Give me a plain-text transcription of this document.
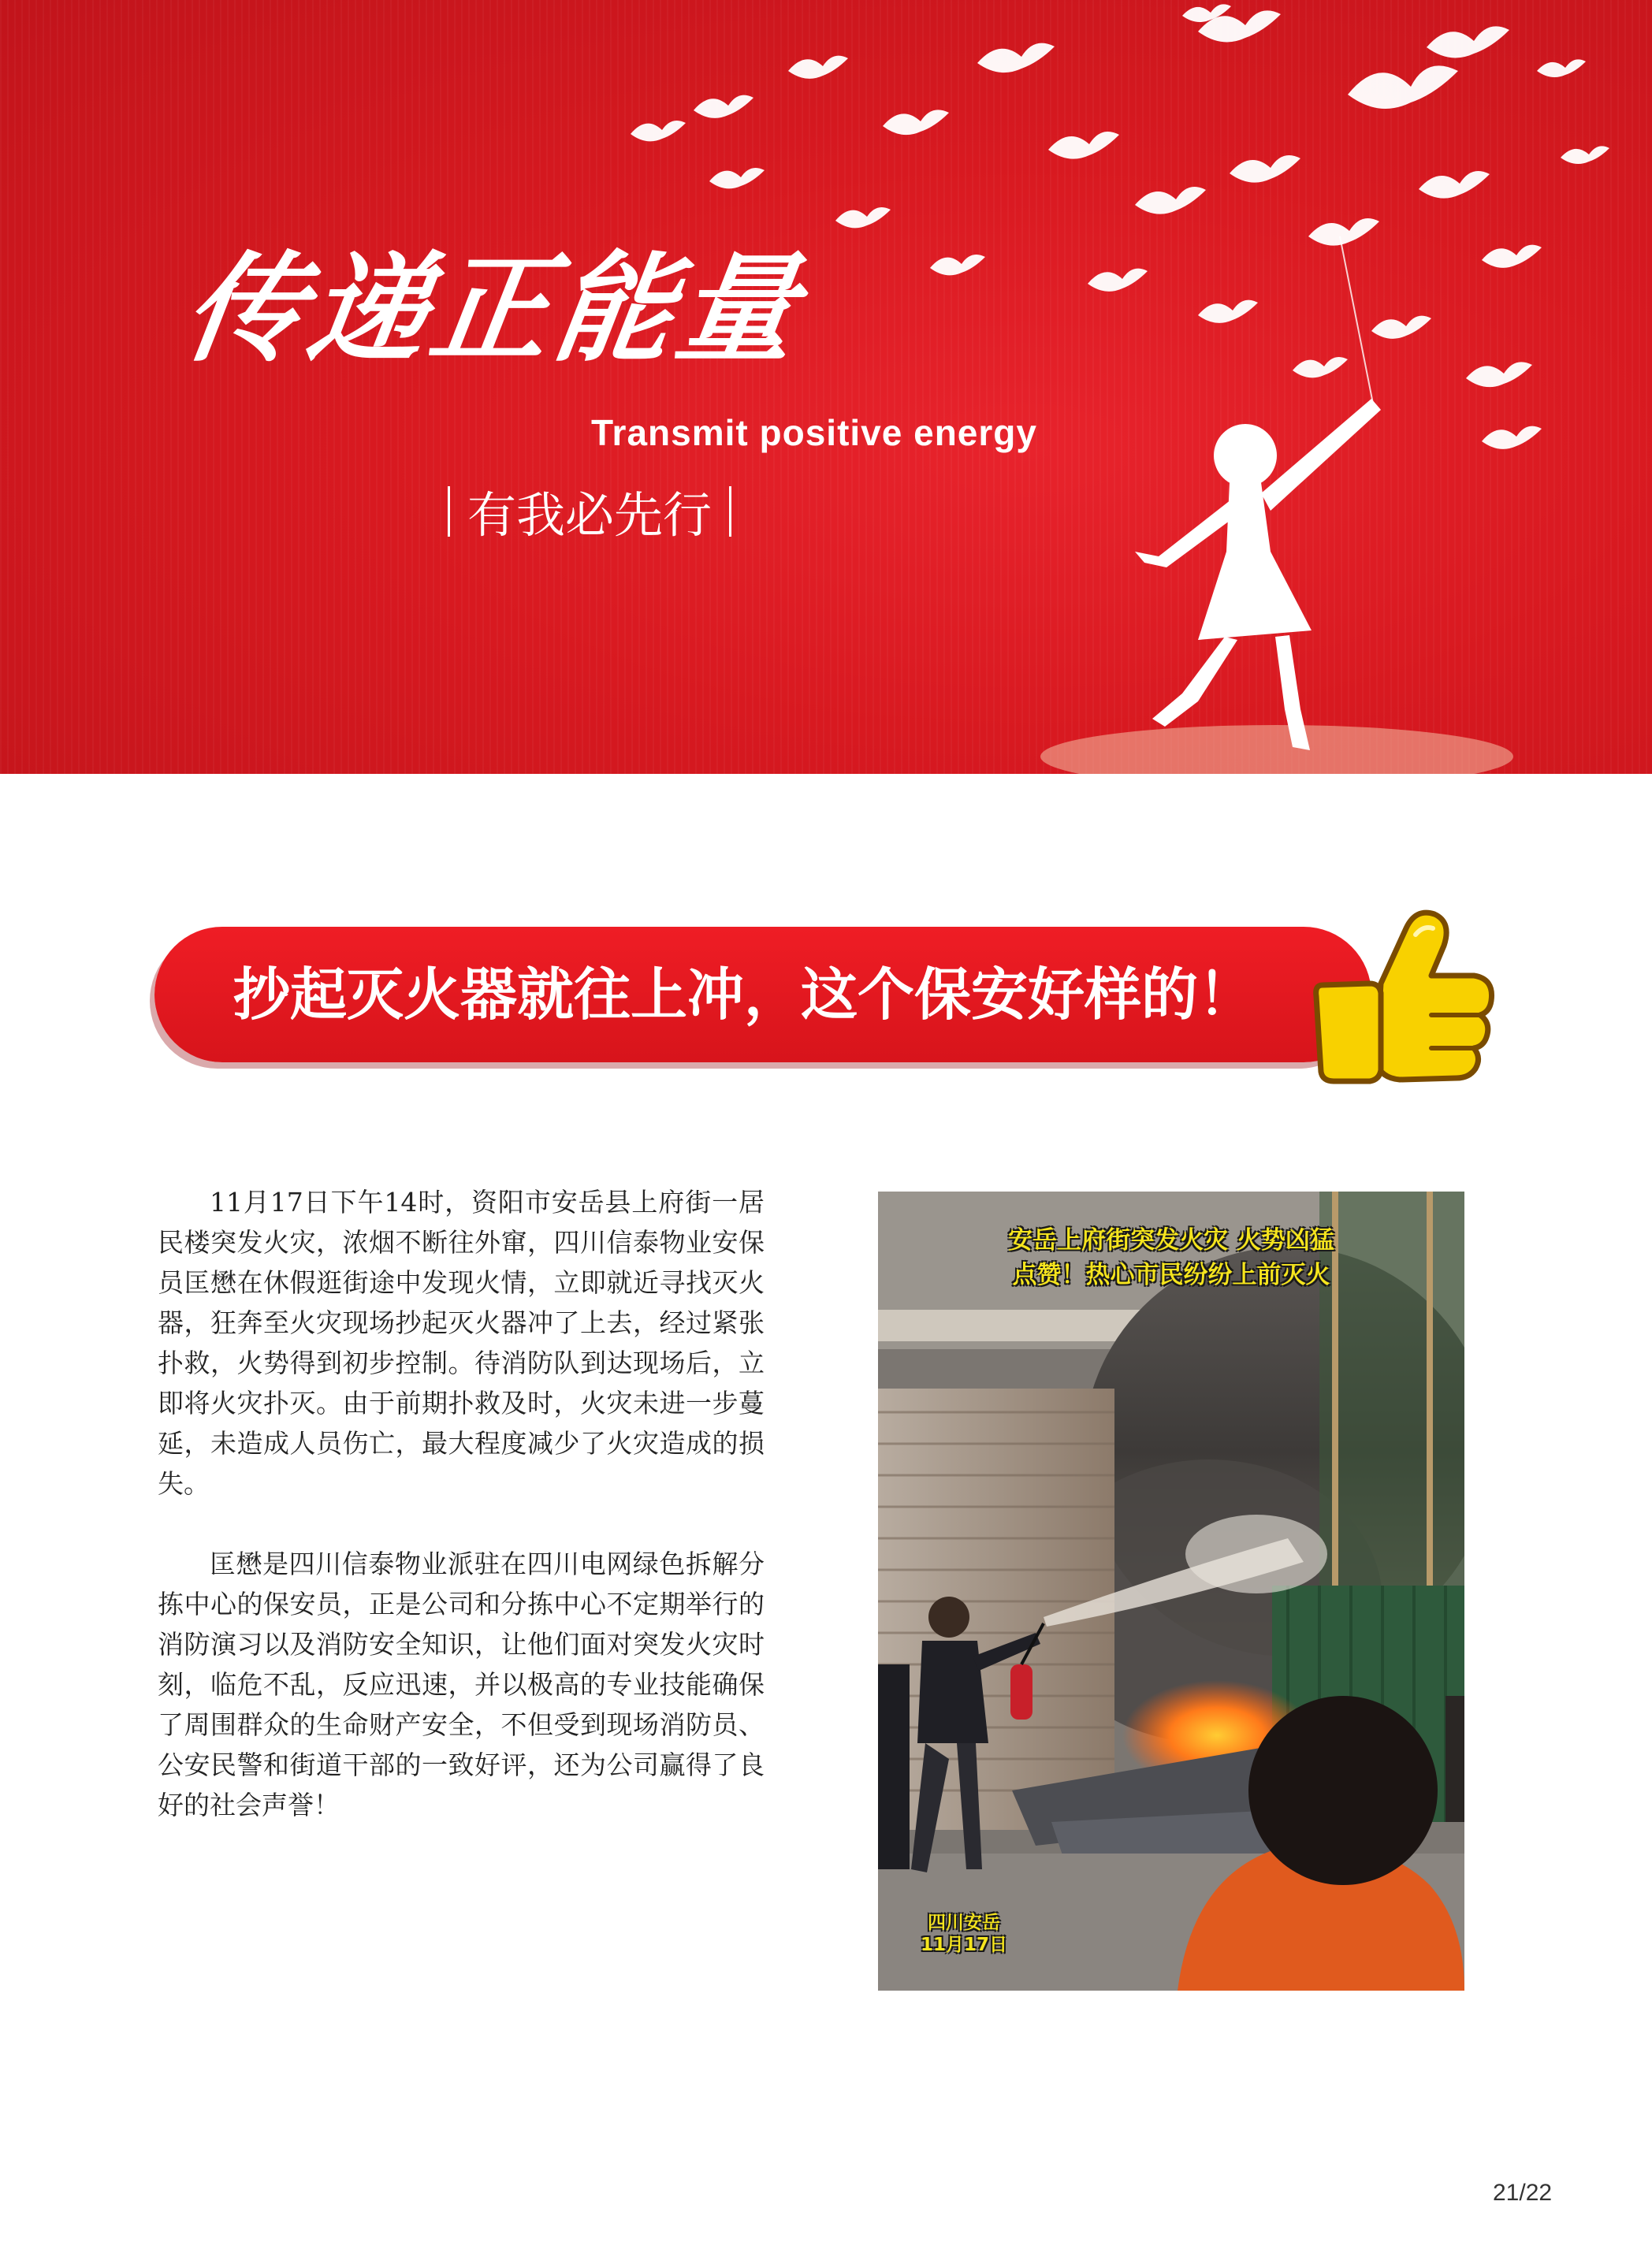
传递正能量
Transmit positive energy
有我必先行
抄起灭火器就往上冲，这个保安好样的！

11月17日下午14时，资阳市安岳县上府街一居民楼突发火灾，浓烟不断往外窜，四川信泰物业安保员匡懋在休假逛街途中发现火情，立即就近寻找灭火器，狂奔至火灾现场抄起灭火器冲了上去，经过紧张扑救，火势得到初步控制。待消防队到达现场后，立即将火灾扑灭。由于前期扑救及时，火灾未进一步蔓延，未造成人员伤亡，最大程度减少了火灾造成的损失。

匡懋是四川信泰物业派驻在四川电网绿色拆解分拣中心的保安员，正是公司和分拣中心不定期举行的消防演习以及消防安全知识，让他们面对突发火灾时刻，临危不乱，反应迅速，并以极高的专业技能确保了周围群众的生命财产安全，不但受到现场消防员、公安民警和街道干部的一致好评，还为公司赢得了良好的社会声誉！

安岳上府街突发火灾 火势凶猛
点赞！热心市民纷纷上前灭火
四川安岳
11月17日
21/22
